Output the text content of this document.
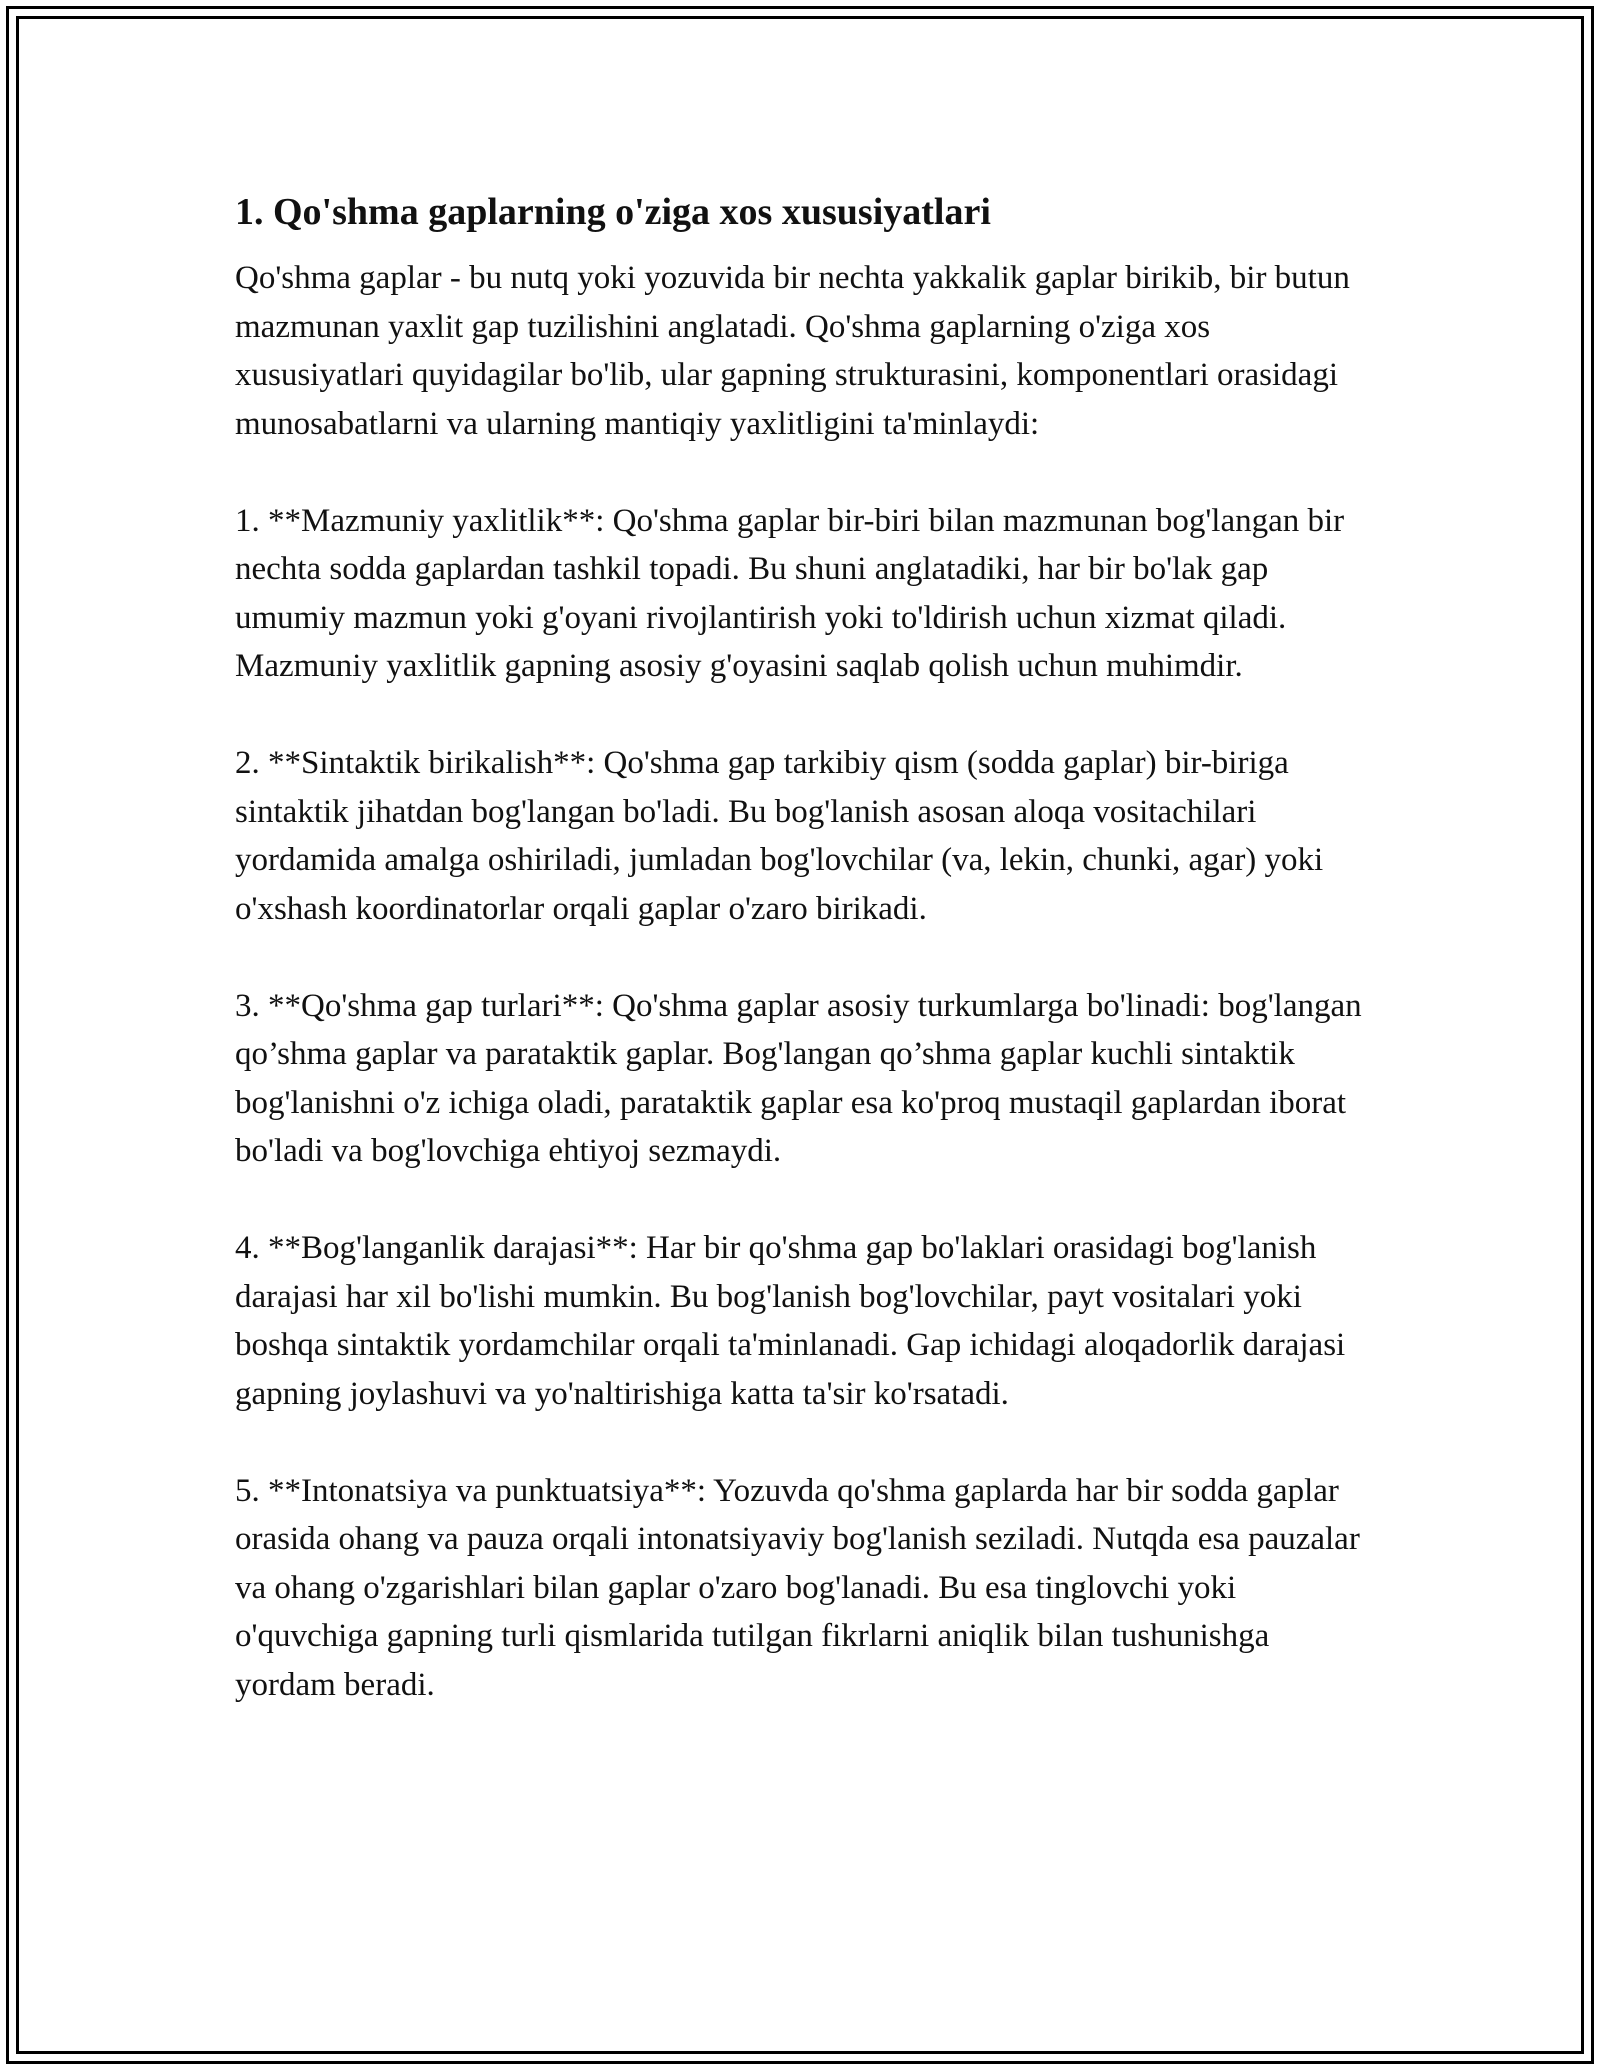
1. Qo'shma gaplarning o'ziga xos xususiyatlari

Qo'shma gaplar - bu nutq yoki yozuvida bir nechta yakkalik gaplar birikib, bir butun mazmunan yaxlit gap tuzilishini anglatadi. Qo'shma gaplarning o'ziga xos xususiyatlari quyidagilar bo'lib, ular gapning strukturasini, komponentlari orasidagi munosabatlarni va ularning mantiqiy yaxlitligini ta'minlaydi:

1. **Mazmuniy yaxlitlik**: Qo'shma gaplar bir-biri bilan mazmunan bog'langan bir nechta sodda gaplardan tashkil topadi. Bu shuni anglatadiki, har bir bo'lak gap umumiy mazmun yoki g'oyani rivojlantirish yoki to'ldirish uchun xizmat qiladi. Mazmuniy yaxlitlik gapning asosiy g'oyasini saqlab qolish uchun muhimdir.

2. **Sintaktik birikalish**: Qo'shma gap tarkibiy qism (sodda gaplar) bir-biriga sintaktik jihatdan bog'langan bo'ladi. Bu bog'lanish asosan aloqa vositachilari yordamida amalga oshiriladi, jumladan bog'lovchilar (va, lekin, chunki, agar) yoki o'xshash koordinatorlar orqali gaplar o'zaro birikadi.

3. **Qo'shma gap turlari**: Qo'shma gaplar asosiy turkumlarga bo'linadi: bog'langan qo’shma gaplar va parataktik gaplar. Bog'langan qo’shma gaplar kuchli sintaktik bog'lanishni o'z ichiga oladi, parataktik gaplar esa ko'proq mustaqil gaplardan iborat bo'ladi va bog'lovchiga ehtiyoj sezmaydi.

4. **Bog'langanlik darajasi**: Har bir qo'shma gap bo'laklari orasidagi bog'lanish darajasi har xil bo'lishi mumkin. Bu bog'lanish bog'lovchilar, payt vositalari yoki boshqa sintaktik yordamchilar orqali ta'minlanadi. Gap ichidagi aloqadorlik darajasi gapning joylashuvi va yo'naltirishiga katta ta'sir ko'rsatadi.

5. **Intonatsiya va punktuatsiya**: Yozuvda qo'shma gaplarda har bir sodda gaplar orasida ohang va pauza orqali intonatsiyaviy bog'lanish seziladi. Nutqda esa pauzalar va ohang o'zgarishlari bilan gaplar o'zaro bog'lanadi. Bu esa tinglovchi yoki o'quvchiga gapning turli qismlarida tutilgan fikrlarni aniqlik bilan tushunishga yordam beradi.
